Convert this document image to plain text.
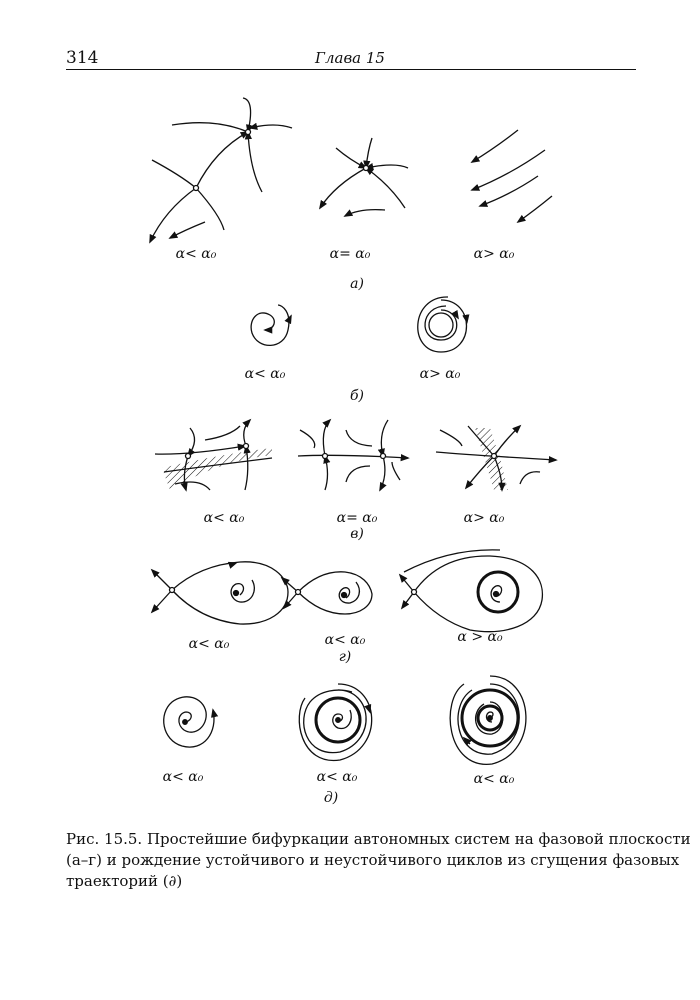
314	Глава 15
α< α₀	α= α₀	α> α₀
а)
α< α₀	α> α₀
б)
α< α₀	α= α₀	α> α₀
в)
α< α₀	α< α₀	α > α₀
г)
α< α₀	α< α₀	α< α₀
д)
Рис. 15.5. Простейшие бифуркации автономных систем на фазовой плоскости
(а–г) и рождение устойчивого и неустойчивого циклов из сгущения фазовых
траекторий (∂)
